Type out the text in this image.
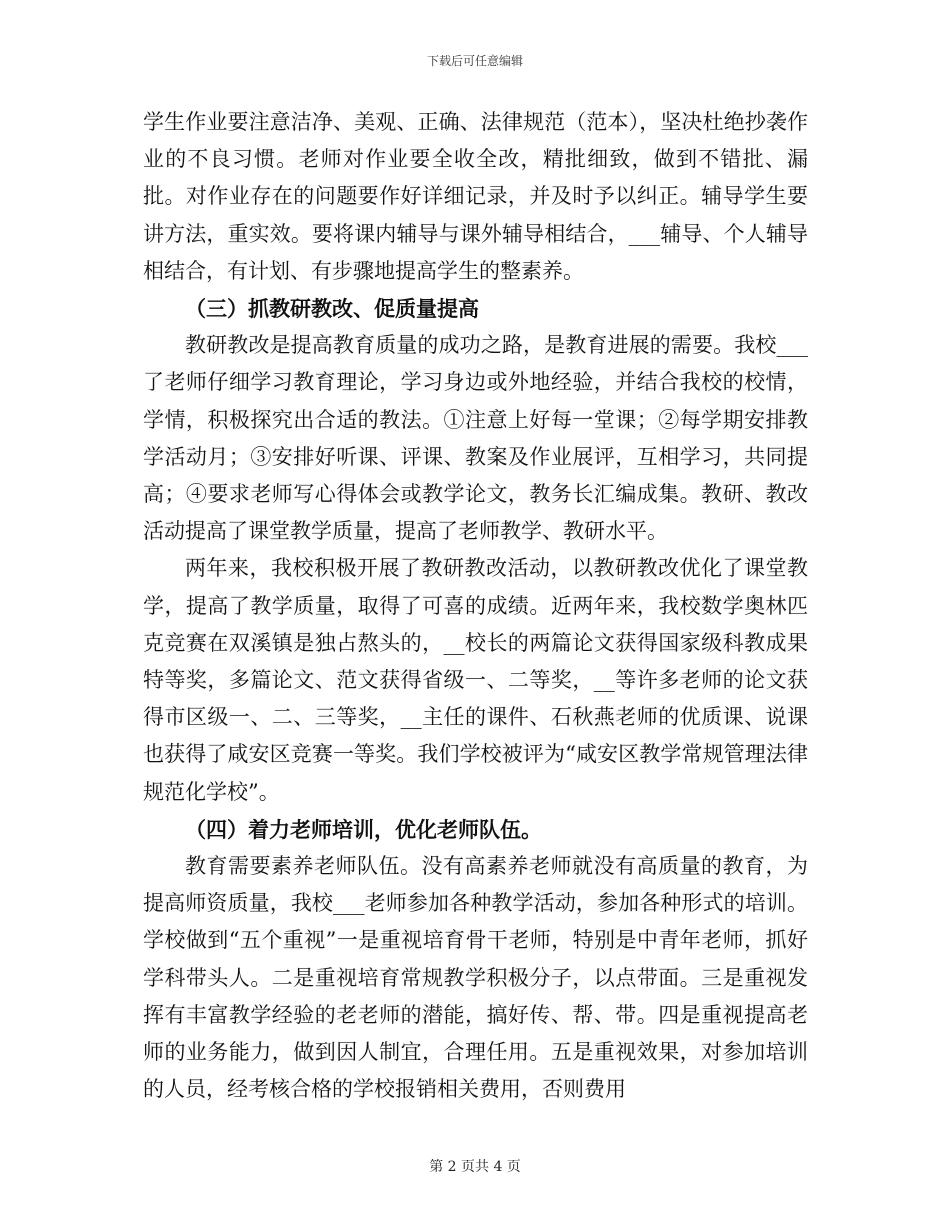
下载后可任意编辑

学生作业要注意洁净、美观、正确、法律规范（范本），坚决杜绝抄袭作业的不良习惯。老师对作业要全收全改，精批细致，做到不错批、漏批。对作业存在的问题要作好详细记录，并及时予以纠正。辅导学生要讲方法，重实效。要将课内辅导与课外辅导相结合，___辅导、个人辅导相结合，有计划、有步骤地提高学生的整素养。

（三）抓教研教改、促质量提高

教研教改是提高教育质量的成功之路，是教育进展的需要。我校___了老师仔细学习教育理论，学习身边或外地经验，并结合我校的校情，学情，积极探究出合适的教法。①注意上好每一堂课；②每学期安排教学活动月；③安排好听课、评课、教案及作业展评，互相学习，共同提高；④要求老师写心得体会或教学论文，教务长汇编成集。教研、教改活动提高了课堂教学质量，提高了老师教学、教研水平。

两年来，我校积极开展了教研教改活动，以教研教改优化了课堂教学，提高了教学质量，取得了可喜的成绩。近两年来，我校数学奥林匹克竞赛在双溪镇是独占熬头的，__校长的两篇论文获得国家级科教成果特等奖，多篇论文、范文获得省级一、二等奖，__等许多老师的论文获得市区级一、二、三等奖，__主任的课件、石秋燕老师的优质课、说课也获得了咸安区竞赛一等奖。我们学校被评为“咸安区教学常规管理法律规范化学校”。

（四）着力老师培训，优化老师队伍。

教育需要素养老师队伍。没有高素养老师就没有高质量的教育，为提高师资质量，我校___老师参加各种教学活动，参加各种形式的培训。学校做到“五个重视”一是重视培育骨干老师，特别是中青年老师，抓好学科带头人。二是重视培育常规教学积极分子，以点带面。三是重视发挥有丰富教学经验的老老师的潜能，搞好传、帮、带。四是重视提高老师的业务能力，做到因人制宜，合理任用。五是重视效果，对参加培训的人员，经考核合格的学校报销相关费用，否则费用

第 2 页共 4 页
